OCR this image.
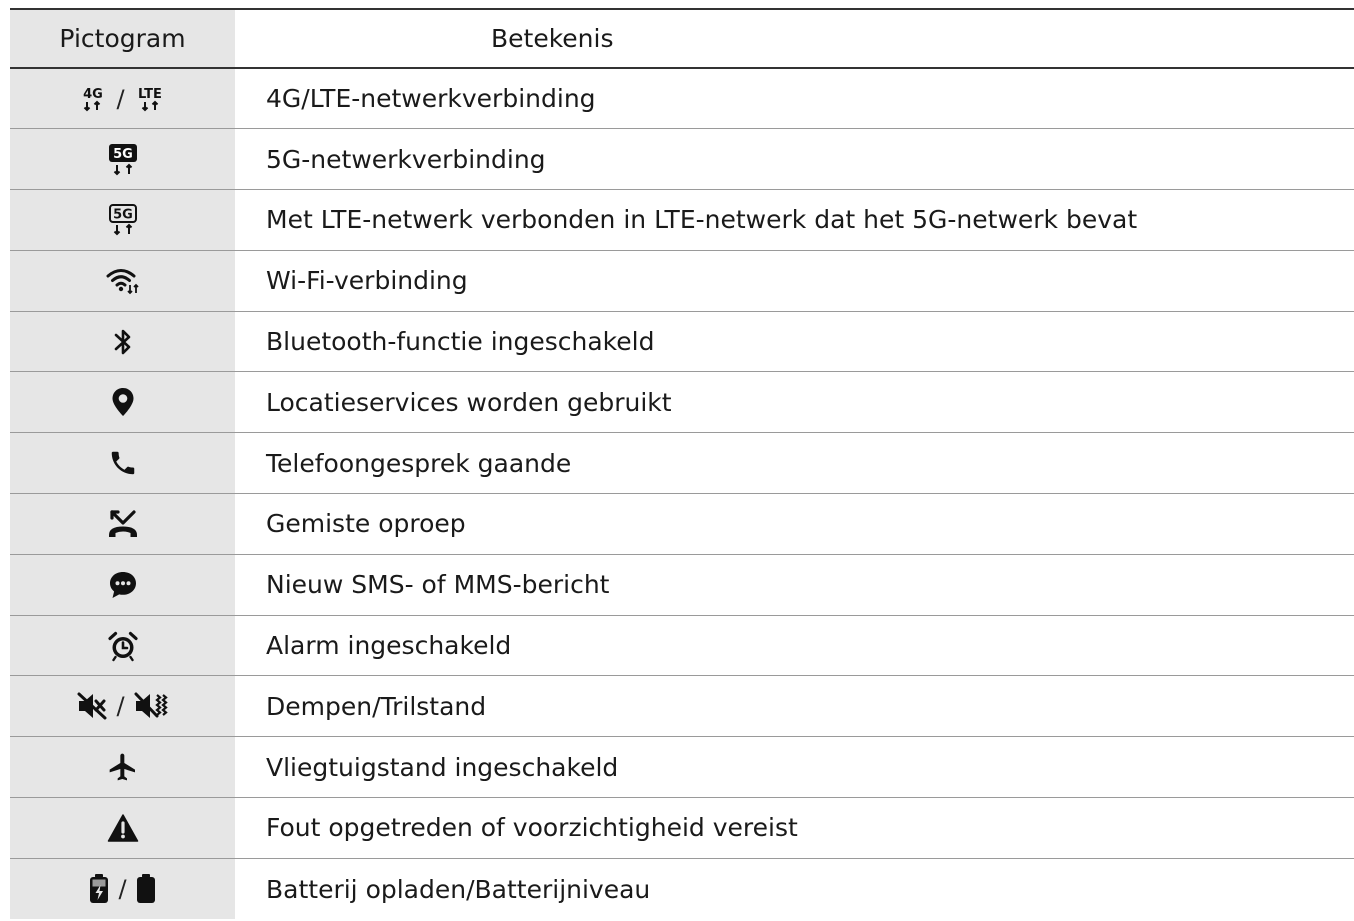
Pictogram	Betekenis

4G / LTE	4G/LTE-netwerkverbinding

5G	5G-netwerkverbinding

5G	Met LTE-netwerk verbonden in LTE-netwerk dat het 5G-netwerk bevat

	Wi-Fi-verbinding

	Bluetooth-functie ingeschakeld

	Locatieservices worden gebruikt

	Telefoongesprek gaande

	Gemiste oproep

	Nieuw SMS- of MMS-bericht

	Alarm ingeschakeld

/	Dempen/Trilstand

	Vliegtuigstand ingeschakeld

	Fout opgetreden of voorzichtigheid vereist

/	Batterij opladen/Batterijniveau
